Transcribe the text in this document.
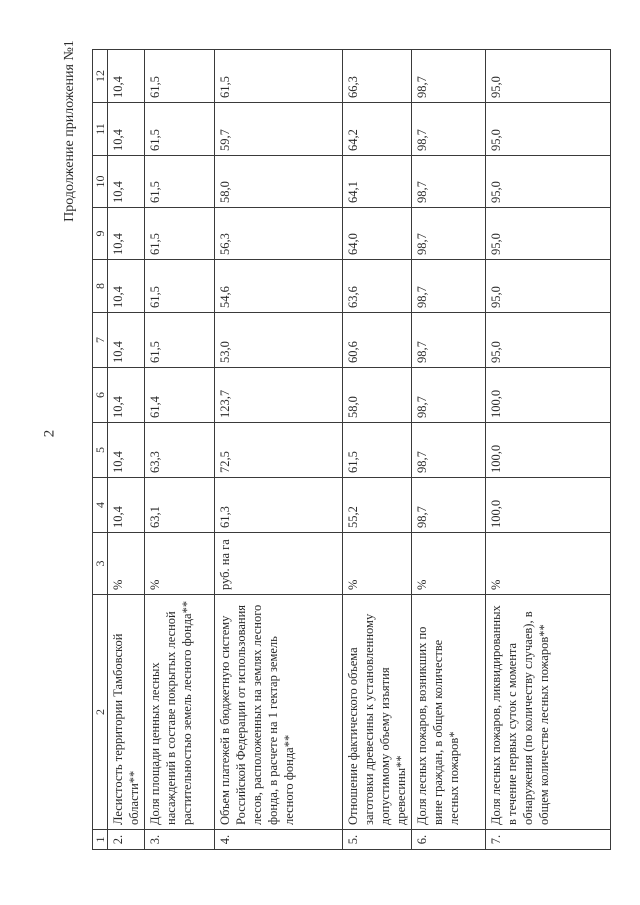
2
Продолжение приложения №1
1	2	3	4	5	6	7	8	9	10	11	12
2.	Лесистость территории Тамбовской области**	%	10,4	10,4	10,4	10,4	10,4	10,4	10,4	10,4	10,4
3.	Доля площади ценных лесных насаждений в составе покрытых лесной растительностью земель лесного фонда**	%	63,1	63,3	61,4	61,5	61,5	61,5	61,5	61,5	61,5
4.	Объем платежей в бюджетную систему Российской Федерации от использования лесов, расположенных на землях лесного фонда, в расчете на 1 гектар земель лесного фонда**	руб. на га	61,3	72,5	123,7	53,0	54,6	56,3	58,0	59,7	61,5
5.	Отношение фактического объема заготовки древесины к установленному допустимому объему изъятия древесины**	%	55,2	61,5	58,0	60,6	63,6	64,0	64,1	64,2	66,3
6.	Доля лесных пожаров, возникших по вине граждан, в общем количестве лесных пожаров*	%	98,7	98,7	98,7	98,7	98,7	98,7	98,7	98,7	98,7
7.	Доля лесных пожаров, ликвидированных в течение первых суток с момента обнаружения (по количеству случаев), в общем количестве лесных пожаров**	%	100,0	100,0	100,0	95,0	95,0	95,0	95,0	95,0	95,0
